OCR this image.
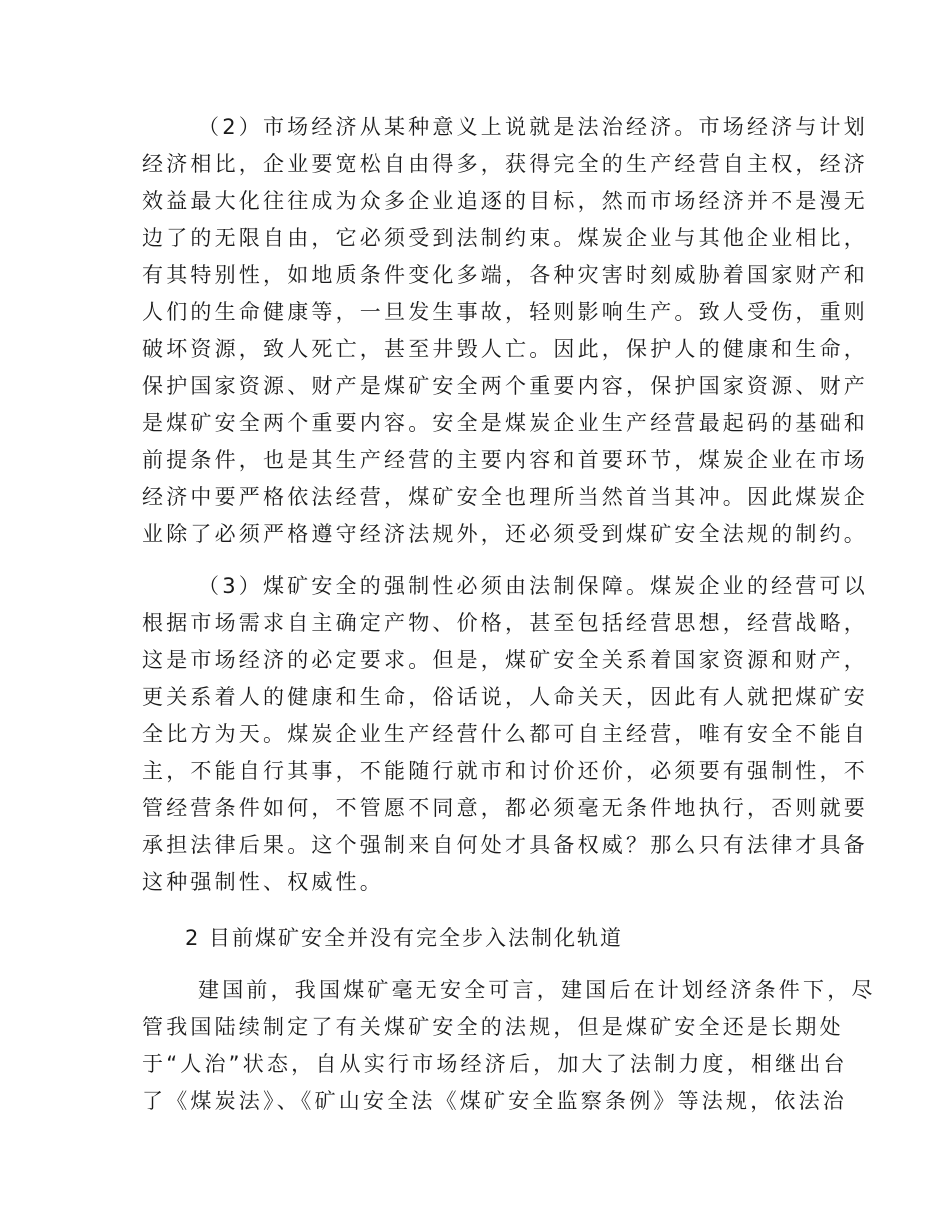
（2）市场经济从某种意义上说就是法治经济。市场经济与计划
经济相比，企业要宽松自由得多，获得完全的生产经营自主权，经济
效益最大化往往成为众多企业追逐的目标，然而市场经济并不是漫无
边了的无限自由，它必须受到法制约束。煤炭企业与其他企业相比，
有其特别性，如地质条件变化多端，各种灾害时刻威胁着国家财产和
人们的生命健康等，一旦发生事故，轻则影响生产。致人受伤，重则
破坏资源，致人死亡，甚至井毁人亡。因此，保护人的健康和生命，
保护国家资源、财产是煤矿安全两个重要内容，保护国家资源、财产
是煤矿安全两个重要内容。安全是煤炭企业生产经营最起码的基础和
前提条件，也是其生产经营的主要内容和首要环节，煤炭企业在市场
经济中要严格依法经营，煤矿安全也理所当然首当其冲。因此煤炭企
业除了必须严格遵守经济法规外，还必须受到煤矿安全法规的制约。
（3）煤矿安全的强制性必须由法制保障。煤炭企业的经营可以
根据市场需求自主确定产物、价格，甚至包括经营思想，经营战略，
这是市场经济的必定要求。但是，煤矿安全关系着国家资源和财产，
更关系着人的健康和生命，俗话说，人命关天，因此有人就把煤矿安
全比方为天。煤炭企业生产经营什么都可自主经营，唯有安全不能自
主，不能自行其事，不能随行就市和讨价还价，必须要有强制性，不
管经营条件如何，不管愿不同意，都必须毫无条件地执行，否则就要
承担法律后果。这个强制来自何处才具备权威？那么只有法律才具备
这种强制性、权威性。
2 目前煤矿安全并没有完全步入法制化轨道
建国前，我国煤矿毫无安全可言，建国后在计划经济条件下，尽
管我国陆续制定了有关煤矿安全的法规，但是煤矿安全还是长期处
于“人治”状态，自从实行市场经济后，加大了法制力度，相继出台
了《煤炭法》、《矿山安全法《煤矿安全监察条例》等法规，依法治
